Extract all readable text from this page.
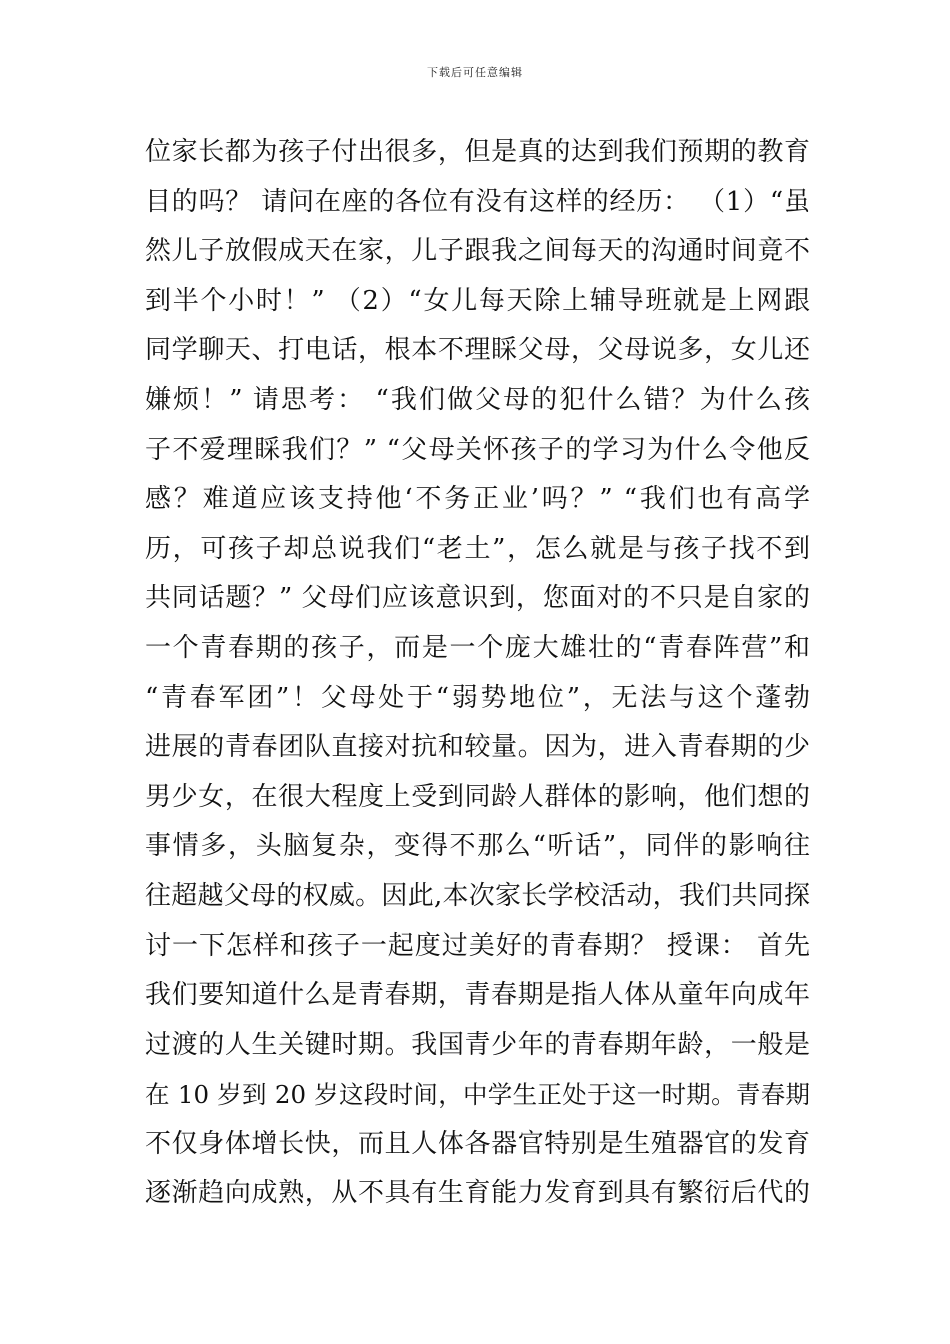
下载后可任意编辑
位家长都为孩子付出很多，但是真的达到我们预期的教育
目的吗？ 请问在座的各位有没有这样的经历： （1）“虽
然儿子放假成天在家，儿子跟我之间每天的沟通时间竟不
到半个小时！” （2）“女儿每天除上辅导班就是上网跟
同学聊天、打电话，根本不理睬父母，父母说多，女儿还
嫌烦！” 请思考： “我们做父母的犯什么错？为什么孩
子不爱理睬我们？” “父母关怀孩子的学习为什么令他反
感？难道应该支持他‘不务正业’吗？” “我们也有高学
历，可孩子却总说我们“老土”，怎么就是与孩子找不到
共同话题？” 父母们应该意识到，您面对的不只是自家的
一个青春期的孩子，而是一个庞大雄壮的“青春阵营”和
“青春军团”！父母处于“弱势地位”，无法与这个蓬勃
进展的青春团队直接对抗和较量。因为，进入青春期的少
男少女，在很大程度上受到同龄人群体的影响，他们想的
事情多，头脑复杂，变得不那么“听话”，同伴的影响往
往超越父母的权威。因此,本次家长学校活动，我们共同探
讨一下怎样和孩子一起度过美好的青春期？ 授课： 首先
我们要知道什么是青春期，青春期是指人体从童年向成年
过渡的人生关键时期。我国青少年的青春期年龄，一般是
在 10 岁到 20 岁这段时间，中学生正处于这一时期。青春期
不仅身体增长快，而且人体各器官特别是生殖器官的发育
逐渐趋向成熟，从不具有生育能力发育到具有繁衍后代的
